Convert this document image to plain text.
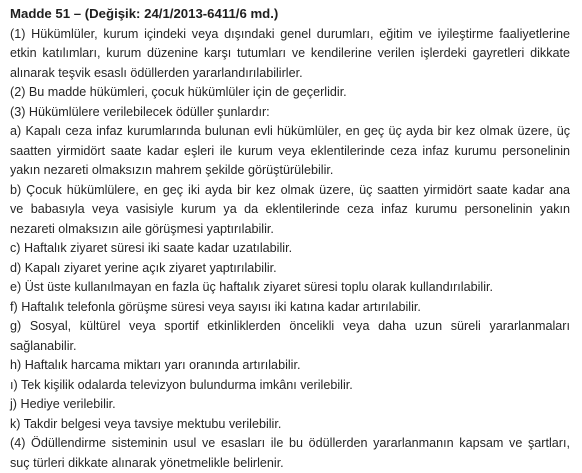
Madde 51 – (Değişik: 24/1/2013-6411/6 md.)
(1) Hükümlüler, kurum içindeki veya dışındaki genel durumları, eğitim ve iyileştirme faaliyetlerine
etkin katılımları, kurum düzenine karşı tutumları ve kendilerine verilen işlerdeki gayretleri dikkate
alınarak teşvik esaslı ödüllerden yararlandırılabilirler.
(2) Bu madde hükümleri, çocuk hükümlüler için de geçerlidir.
(3) Hükümlülere verilebilecek ödüller şunlardır:
a) Kapalı ceza infaz kurumlarında bulunan evli hükümlüler, en geç üç ayda bir kez olmak üzere, üç
saatten yirmidört saate kadar eşleri ile kurum veya eklentilerinde ceza infaz kurumu personelinin
yakın nezareti olmaksızın mahrem şekilde görüştürülebilir.
b) Çocuk hükümlülere, en geç iki ayda bir kez olmak üzere, üç saatten yirmidört saate kadar ana
ve babasıyla veya vasisiyle kurum ya da eklentilerinde ceza infaz kurumu personelinin yakın
nezareti olmaksızın aile görüşmesi yaptırılabilir.
c) Haftalık ziyaret süresi iki saate kadar uzatılabilir.
d) Kapalı ziyaret yerine açık ziyaret yaptırılabilir.
e) Üst üste kullanılmayan en fazla üç haftalık ziyaret süresi toplu olarak kullandırılabilir.
f) Haftalık telefonla görüşme süresi veya sayısı iki katına kadar artırılabilir.
g) Sosyal, kültürel veya sportif etkinliklerden öncelikli veya daha uzun süreli yararlanmaları
sağlanabilir.
h) Haftalık harcama miktarı yarı oranında artırılabilir.
ı) Tek kişilik odalarda televizyon bulundurma imkânı verilebilir.
j) Hediye verilebilir.
k) Takdir belgesi veya tavsiye mektubu verilebilir.
(4) Ödüllendirme sisteminin usul ve esasları ile bu ödüllerden yararlanmanın kapsam ve şartları,
suç türleri dikkate alınarak yönetmelikle belirlenir.
